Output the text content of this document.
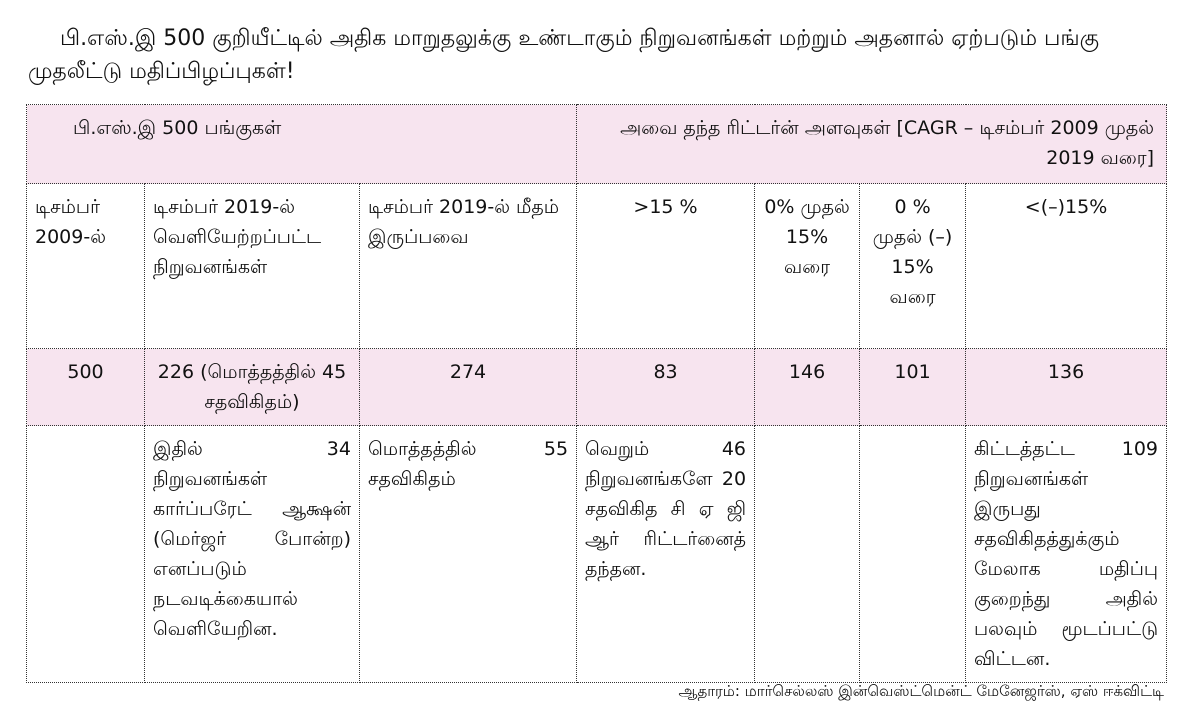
பி.எஸ்.இ 500 குறியீட்டில் அதிக மாறுதலுக்கு உண்டாகும் நிறுவனங்கள் மற்றும் அதனால் ஏற்படும் பங்கு முதலீட்டு மதிப்பிழப்புகள்!

பி.எஸ்.இ 500 பங்குகள்			அவை தந்த ரிட்டர்ன் அளவுகள் [CAGR – டிசம்பர் 2009 முதல் 2019 வரை]			
டிசம்பர் 2009-ல்	டிசம்பர் 2019-ல் வெளியேற்றப்பட்ட நிறுவனங்கள்	டிசம்பர் 2019-ல் மீதம் இருப்பவை	>15 %	0% முதல் 15% வரை	0 % முதல் (–) 15% வரை	<(–)15%
500	226 (மொத்தத்தில் 45 சதவிகிதம்)	274	83	146	101	136
	இதில் 34 நிறுவனங்கள் கார்ப்பரேட் ஆக்ஷன் (மெர்ஜர் போன்ற) எனப்படும் நடவடிக்கையால் வெளியேறின.	மொத்தத்தில் 55 சதவிகிதம்	வெறும் 46 நிறுவனங்களே 20 சதவிகித சி ஏ ஜி ஆர் ரிட்டர்னைத் தந்தன.			கிட்டத்தட்ட 109 நிறுவனங்கள் இருபது சதவிகிதத்துக்கும் மேலாக மதிப்பு குறைந்து அதில் பலவும் மூடப்பட்டு விட்டன.

ஆதாரம்: மார்செல்லஸ் இன்வெஸ்ட்மென்ட் மேனேஜர்ஸ், ஏஸ் ஈக்விட்டி
